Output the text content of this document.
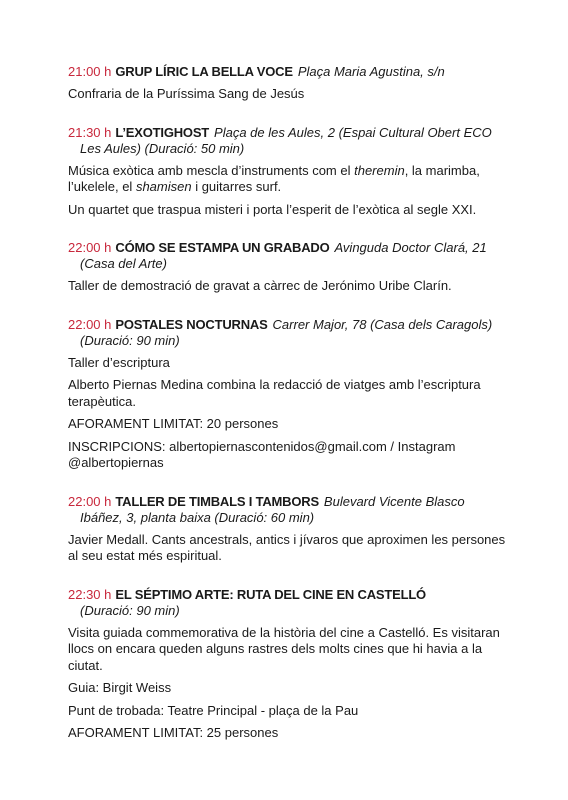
21:00 h GRUP LÍRIC LA BELLA VOCE Plaça Maria Agustina, s/n

Confraria de la Puríssima Sang de Jesús

21:30 h L’EXOTIGHOST Plaça de les Aules, 2 (Espai Cultural Obert ECO Les Aules) (Duració: 50 min)

Música exòtica amb mescla d’instruments com el theremin, la marimba, l’ukelele, el shamisen i guitarres surf.

Un quartet que traspua misteri i porta l’esperit de l’exòtica al segle XXI.

22:00 h CÓMO SE ESTAMPA UN GRABADO Avinguda Doctor Clará, 21 (Casa del Arte)

Taller de demostració de gravat a càrrec de Jerónimo Uribe Clarín.

22:00 h POSTALES NOCTURNAS Carrer Major, 78 (Casa dels Caragols) (Duració: 90 min)

Taller d’escriptura

Alberto Piernas Medina combina la redacció de viatges amb l’escriptura terapèutica.

AFORAMENT LIMITAT: 20 persones

INSCRIPCIONS: albertopiernascontenidos@gmail.com / Instagram @albertopiernas

22:00 h TALLER DE TIMBALS I TAMBORS Bulevard Vicente Blasco Ibáñez, 3, planta baixa (Duració: 60 min)

Javier Medall. Cants ancestrals, antics i jívaros que aproximen les persones al seu estat més espiritual.

22:30 h EL SÉPTIMO ARTE: RUTA DEL CINE EN CASTELLÓ
(Duració: 90 min)

Visita guiada commemorativa de la història del cine a Castelló. Es visitaran llocs on encara queden alguns rastres dels molts cines que hi havia a la ciutat.

Guia: Birgit Weiss

Punt de trobada: Teatre Principal - plaça de la Pau

AFORAMENT LIMITAT: 25 persones
